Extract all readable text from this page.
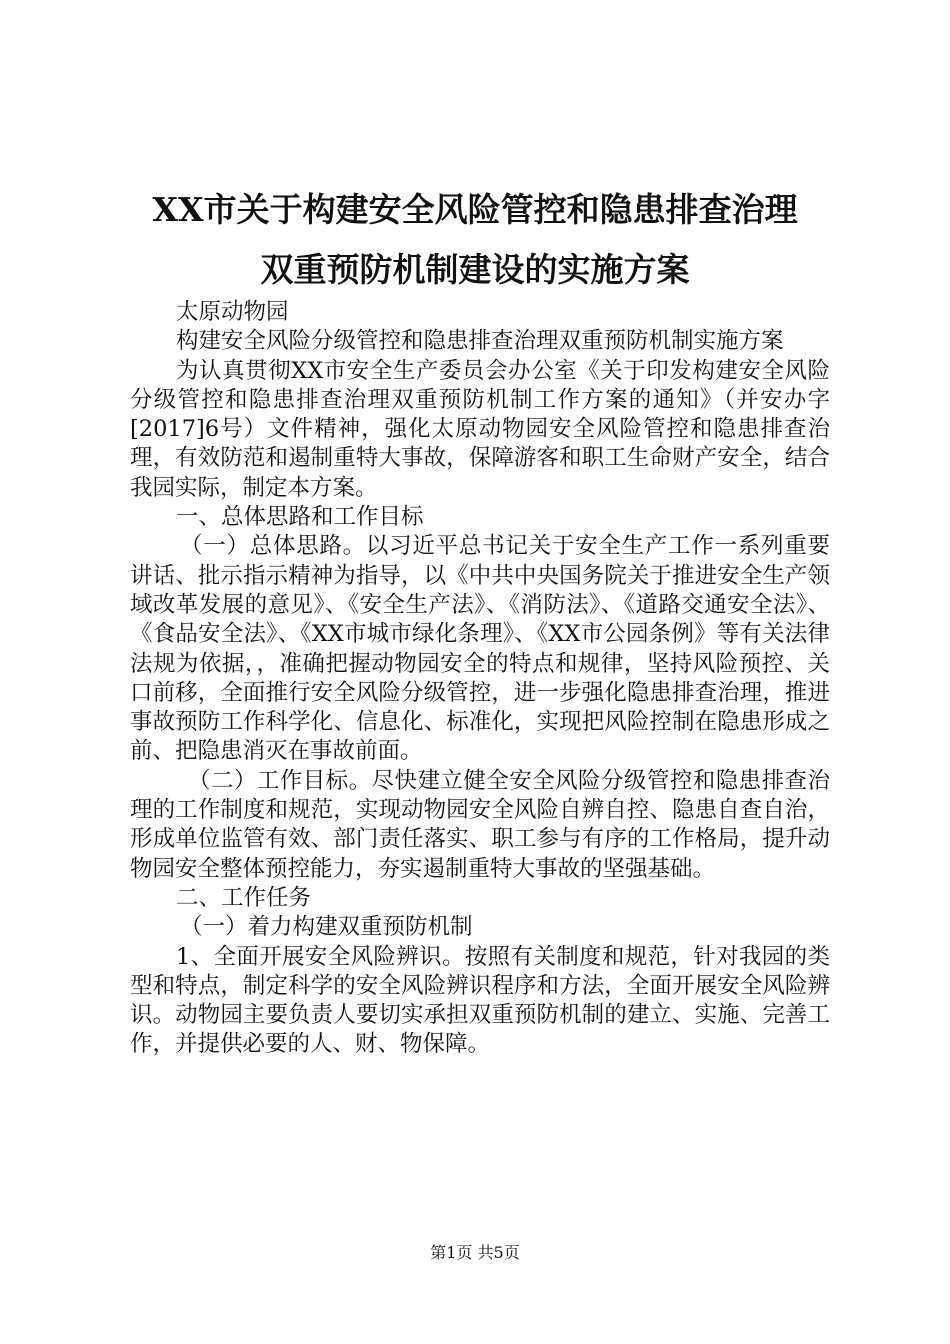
XX市关于构建安全风险管控和隐患排查治理
双重预防机制建设的实施方案

太原动物园

构建安全风险分级管控和隐患排查治理双重预防机制实施方案

为认真贯彻XX市安全生产委员会办公室《关于印发构建安全风险分级管控和隐患排查治理双重预防机制工作方案的通知》（并安办字[2017]6号）文件精神，强化太原动物园安全风险管控和隐患排查治理，有效防范和遏制重特大事故，保障游客和职工生命财产安全，结合我园实际，制定本方案。

一、总体思路和工作目标

（一）总体思路。以习近平总书记关于安全生产工作一系列重要讲话、批示指示精神为指导，以《中共中央国务院关于推进安全生产领域改革发展的意见》、《安全生产法》、《消防法》、《道路交通安全法》、《食品安全法》、《XX市城市绿化条理》、《XX市公园条例》等有关法律法规为依据，，准确把握动物园安全的特点和规律，坚持风险预控、关口前移，全面推行安全风险分级管控，进一步强化隐患排查治理，推进事故预防工作科学化、信息化、标准化，实现把风险控制在隐患形成之前、把隐患消灭在事故前面。

（二）工作目标。尽快建立健全安全风险分级管控和隐患排查治理的工作制度和规范，实现动物园安全风险自辨自控、隐患自查自治，形成单位监管有效、部门责任落实、职工参与有序的工作格局，提升动物园安全整体预控能力，夯实遏制重特大事故的坚强基础。

二、工作任务

（一）着力构建双重预防机制

1、全面开展安全风险辨识。按照有关制度和规范，针对我园的类型和特点，制定科学的安全风险辨识程序和方法，全面开展安全风险辨识。动物园主要负责人要切实承担双重预防机制的建立、实施、完善工作，并提供必要的人、财、物保障。

第1页 共5页
